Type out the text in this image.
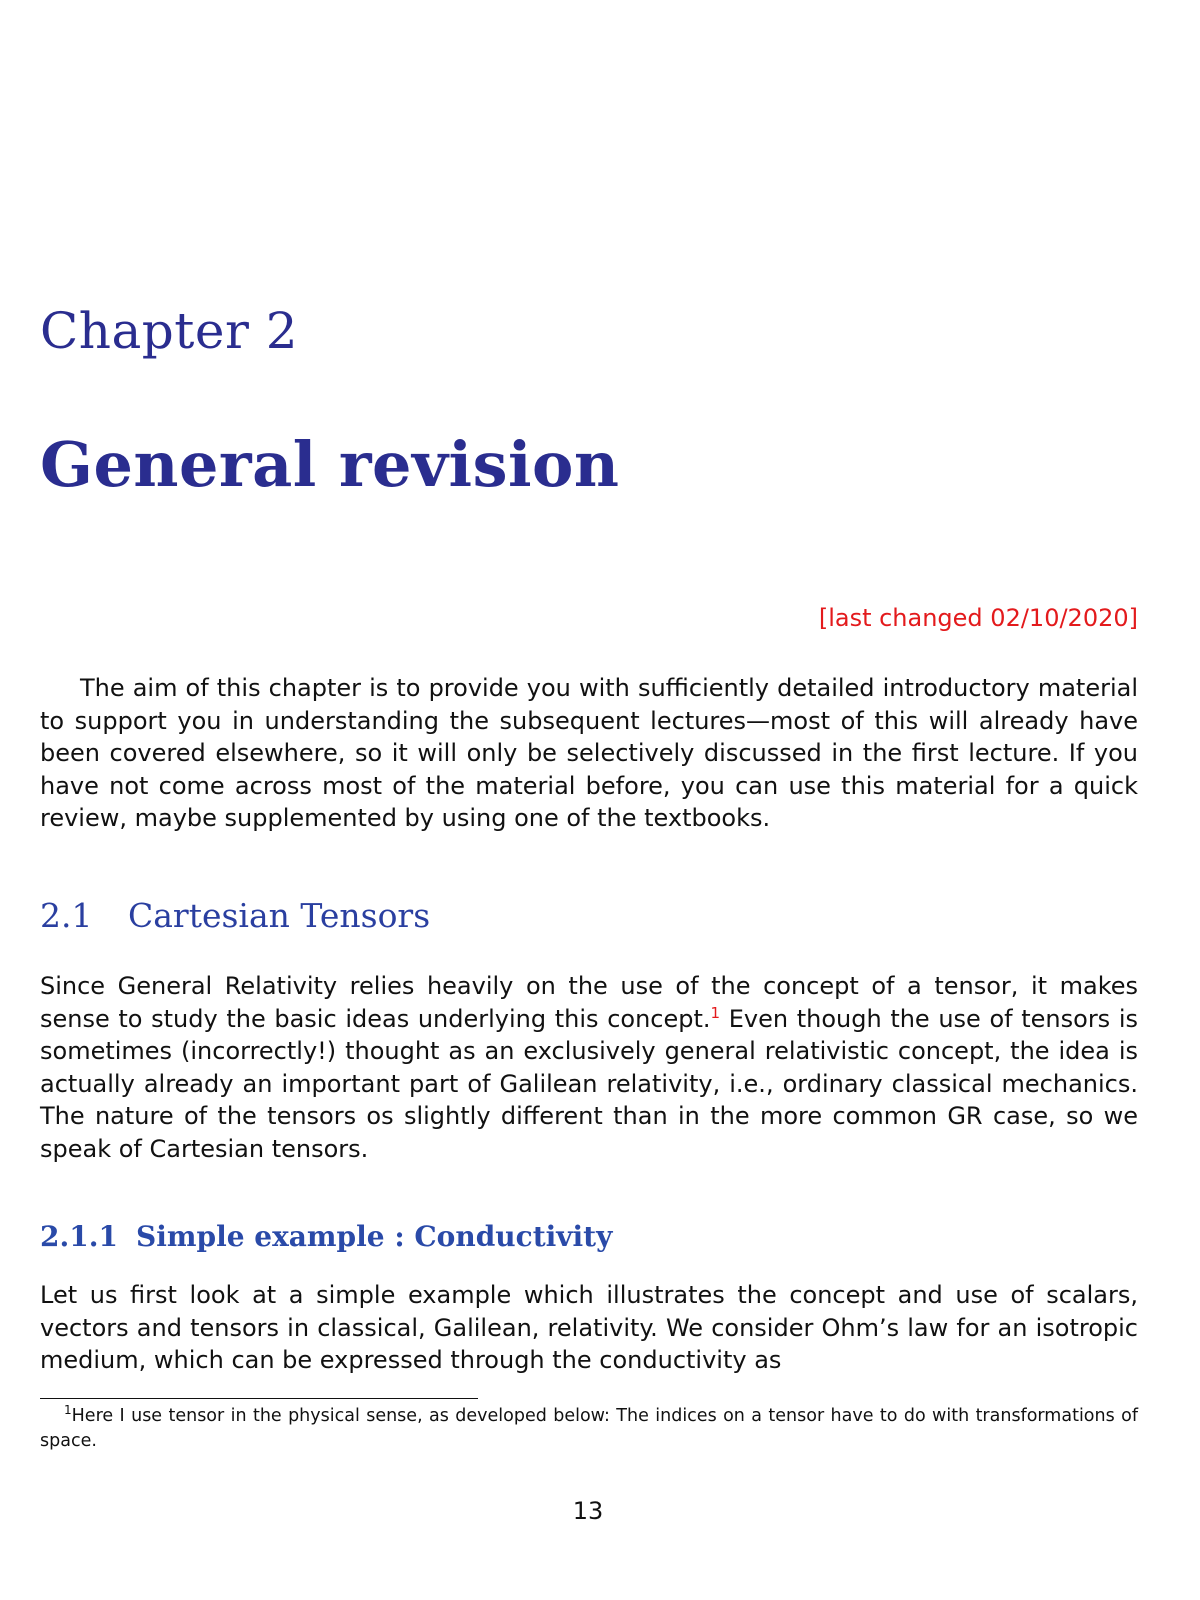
Chapter 2
General revision
[last changed 02/10/2020]

The aim of this chapter is to provide you with sufficiently detailed introductory material to support you in understanding the subsequent lectures—most of this will already have been covered elsewhere, so it will only be selectively discussed in the first lecture. If you have not come across most of the material before, you can use this material for a quick review, maybe supplemented by using one of the textbooks.

2.1 Cartesian Tensors

Since General Relativity relies heavily on the use of the concept of a tensor, it makes sense to study the basic ideas underlying this concept.$^1$ Even though the use of tensors is sometimes (incorrectly!) thought as an exclusively general relativistic concept, the idea is actually already an important part of Galilean relativity, i.e., ordinary classical mechanics. The nature of the tensors os slightly different than in the more common GR case, so we speak of Cartesian tensors.

2.1.1 Simple example : Conductivity

Let us first look at a simple example which illustrates the concept and use of scalars, vectors and tensors in classical, Galilean, relativity. We consider Ohm’s law for an isotropic medium, which can be expressed through the conductivity as

$^1$Here I use tensor in the physical sense, as developed below: The indices on a tensor have to do with transformations of space.

13
